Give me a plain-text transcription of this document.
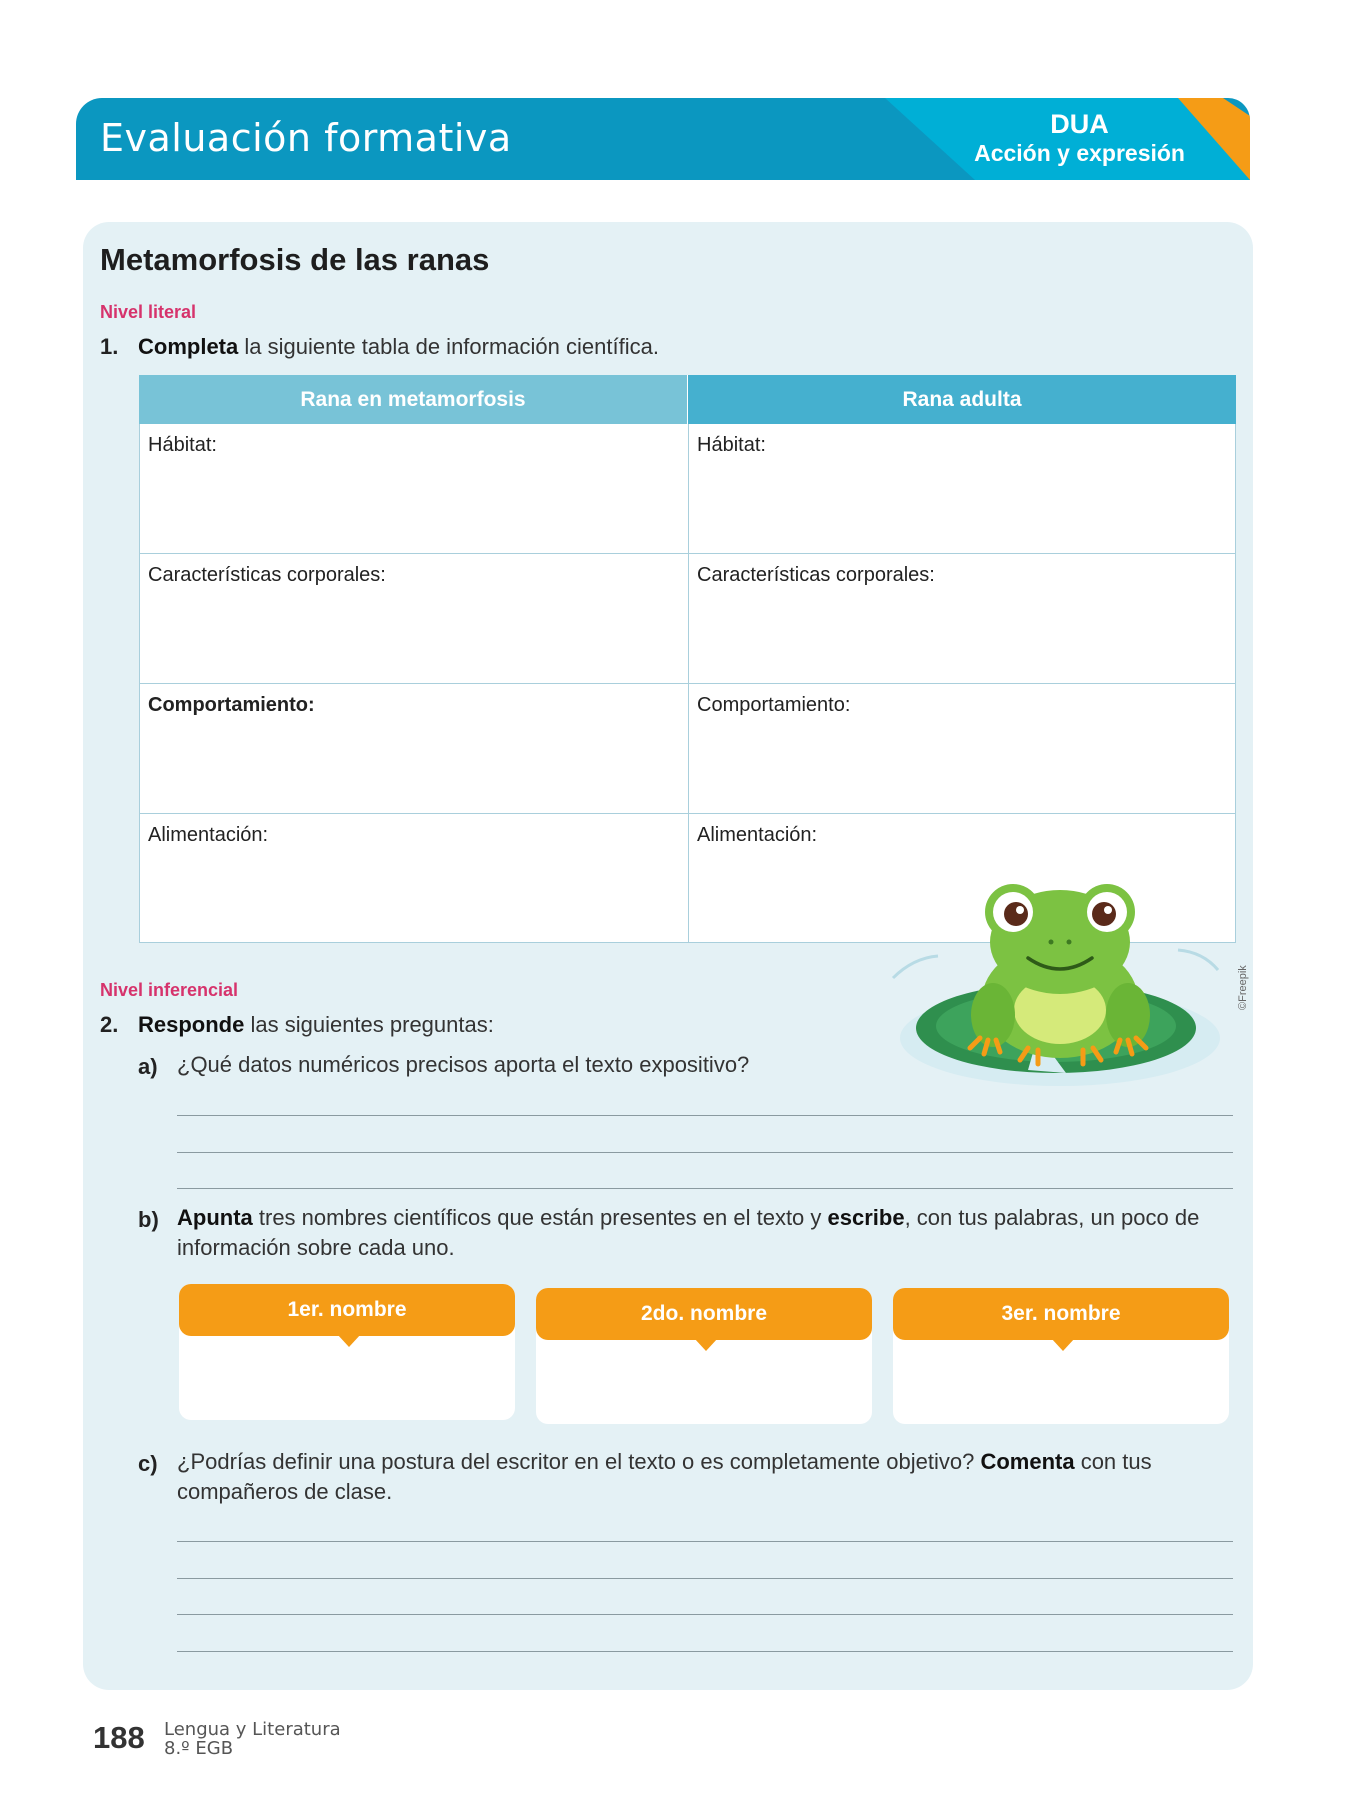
Evaluación formativa	DUA
Acción y expresión
Metamorfosis de las ranas
Nivel literal
1. Completa la siguiente tabla de información científica.
Rana en metamorfosis	Rana adulta
Hábitat:	Hábitat:
Características corporales:	Características corporales:
Comportamiento:	Comportamiento:
Alimentación:	Alimentación:
©Freepik
Nivel inferencial
2. Responde las siguientes preguntas:
a) ¿Qué datos numéricos precisos aporta el texto expositivo?
b) Apunta tres nombres científicos que están presentes en el texto y escribe, con tus palabras, un poco de información sobre cada uno.
1er. nombre	2do. nombre	3er. nombre
c) ¿Podrías definir una postura del escritor en el texto o es completamente objetivo? Comenta con tus compañeros de clase.
188 Lengua y Literatura
8.º EGB
